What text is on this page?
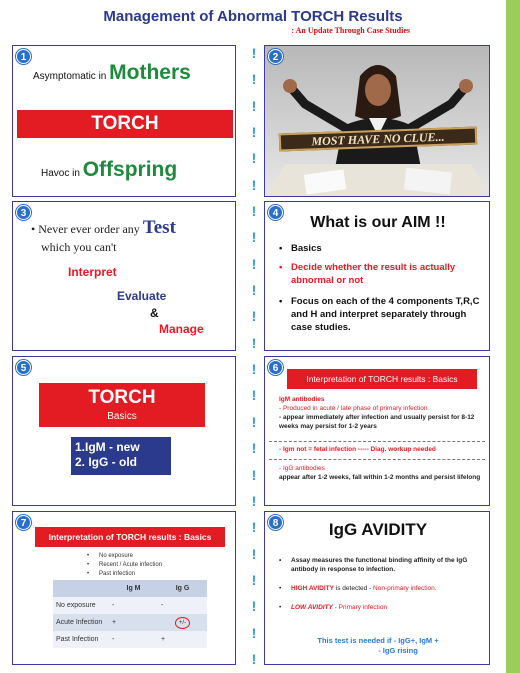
Management of Abnormal TORCH Results
: An Update Through Case Studies
!
!
!
!
!
!
!
!
!
!
!
!
!
!
!
!
!
!
!
!
!
!
!
!
1
Asymptomatic in Mothers
TORCH
Havoc in Offspring
2
MOST HAVE NO CLUE...
3
• Never ever order any Test
which you can't
Interpret
Evaluate
&
Manage
4
What is our AIM !!
• Basics
• Decide whether the result is actually abnormal or not
• Focus on each of the 4 components T,R,C and H and interpret separately through case studies.
5
TORCH
Basics
1.IgM - new
2. IgG - old
6
Interpretation of TORCH results : Basics
IgM antibodies
- Produced in acute / late phase of primary infection
- appear immediately after infection and usually persist for 8-12 weeks may persist for 1-2 years
- Igm not = fetal infection ----- Diag. workup needed
- IgG antibodies
appear after 1-2 weeks, fall within 1-2 months and persist lifelong
7
Interpretation of TORCH results : Basics
• No exposure
• Recent / Acute infection
• Past infection
	Ig M	Ig G
No exposure	-	-
Acute Infection	+	+/-
Past Infection	-	+
8	IgG AVIDITY
• Assay measures the functional binding affinity of the IgG antibody in response to infection.
• HIGH AVIDITY is detected - Non-primary infection.
• LOW AVIDITY - Primary infection
This test is needed if - IgG+, IgM +
- IgG rising
